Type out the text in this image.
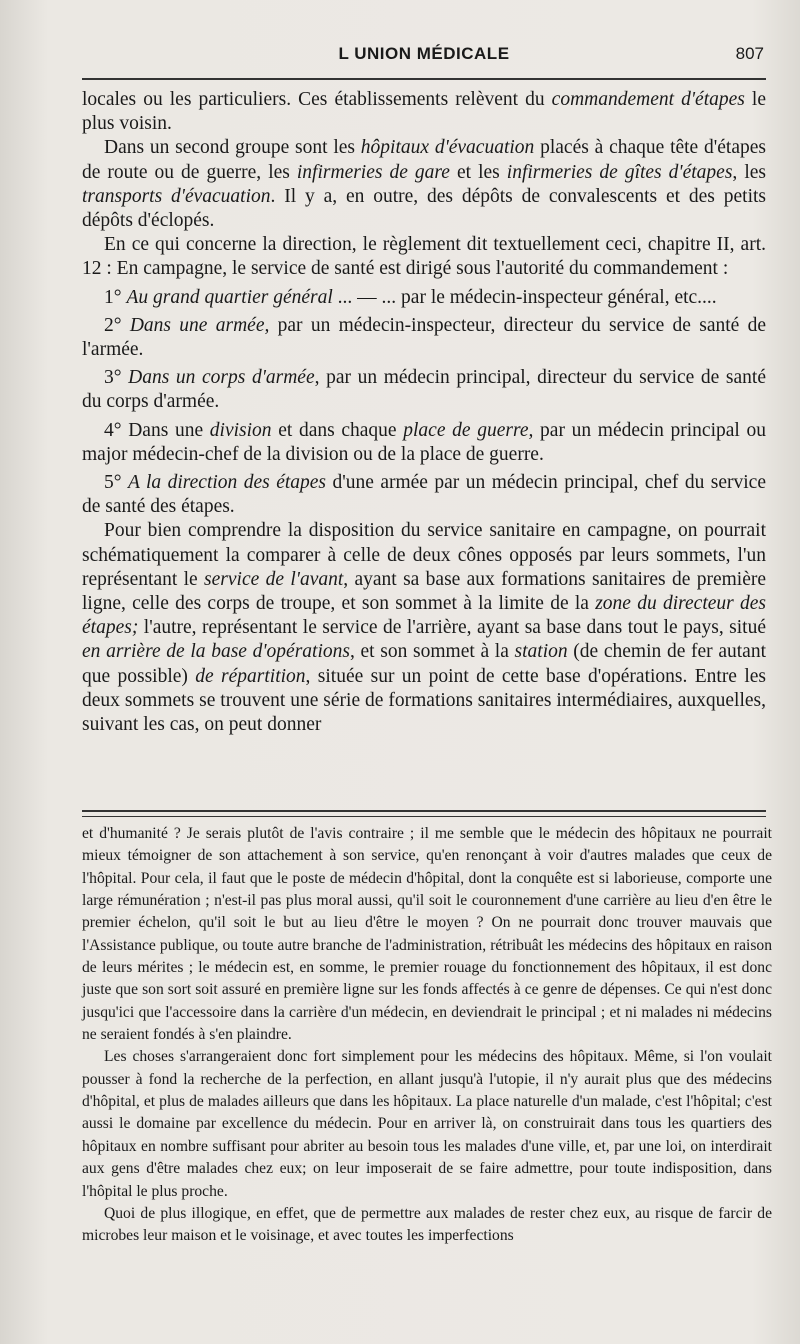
L UNION MÉDICALE	807

locales ou les particuliers. Ces établissements relèvent du commandement d'étapes le plus voisin.

Dans un second groupe sont les hôpitaux d'évacuation placés à chaque tête d'étapes de route ou de guerre, les infirmeries de gare et les infirmeries de gîtes d'étapes, les transports d'évacuation. Il y a, en outre, des dépôts de convalescents et des petits dépôts d'éclopés.

En ce qui concerne la direction, le règlement dit textuellement ceci, chapitre II, art. 12 : En campagne, le service de santé est dirigé sous l'autorité du commandement :

1° Au grand quartier général ... — ... par le médecin-inspecteur général, etc....

2° Dans une armée, par un médecin-inspecteur, directeur du service de santé de l'armée.

3° Dans un corps d'armée, par un médecin principal, directeur du service de santé du corps d'armée.

4° Dans une division et dans chaque place de guerre, par un médecin principal ou major médecin-chef de la division ou de la place de guerre.

5° A la direction des étapes d'une armée par un médecin principal, chef du service de santé des étapes.

Pour bien comprendre la disposition du service sanitaire en campagne, on pourrait schématiquement la comparer à celle de deux cônes opposés par leurs sommets, l'un représentant le service de l'avant, ayant sa base aux formations sanitaires de première ligne, celle des corps de troupe, et son sommet à la limite de la zone du directeur des étapes; l'autre, représentant le service de l'arrière, ayant sa base dans tout le pays, situé en arrière de la base d'opérations, et son sommet à la station (de chemin de fer autant que possible) de répartition, située sur un point de cette base d'opérations. Entre les deux sommets se trouvent une série de formations sanitaires intermédiaires, auxquelles, suivant les cas, on peut donner

et d'humanité ? Je serais plutôt de l'avis contraire ; il me semble que le médecin des hôpitaux ne pourrait mieux témoigner de son attachement à son service, qu'en renonçant à voir d'autres malades que ceux de l'hôpital. Pour cela, il faut que le poste de médecin d'hôpital, dont la conquête est si laborieuse, comporte une large rémunération ; n'est-il pas plus moral aussi, qu'il soit le couronnement d'une carrière au lieu d'en être le premier échelon, qu'il soit le but au lieu d'être le moyen ? On ne pourrait donc trouver mauvais que l'Assistance publique, ou toute autre branche de l'administration, rétribuât les médecins des hôpitaux en raison de leurs mérites ; le médecin est, en somme, le premier rouage du fonctionnement des hôpitaux, il est donc juste que son sort soit assuré en première ligne sur les fonds affectés à ce genre de dépenses. Ce qui n'est donc jusqu'ici que l'accessoire dans la carrière d'un médecin, en deviendrait le principal ; et ni malades ni médecins ne seraient fondés à s'en plaindre.

Les choses s'arrangeraient donc fort simplement pour les médecins des hôpitaux. Même, si l'on voulait pousser à fond la recherche de la perfection, en allant jusqu'à l'utopie, il n'y aurait plus que des médecins d'hôpital, et plus de malades ailleurs que dans les hôpitaux. La place naturelle d'un malade, c'est l'hôpital; c'est aussi le domaine par excellence du médecin. Pour en arriver là, on construirait dans tous les quartiers des hôpitaux en nombre suffisant pour abriter au besoin tous les malades d'une ville, et, par une loi, on interdirait aux gens d'être malades chez eux; on leur imposerait de se faire admettre, pour toute indisposition, dans l'hôpital le plus proche.

Quoi de plus illogique, en effet, que de permettre aux malades de rester chez eux, au risque de farcir de microbes leur maison et le voisinage, et avec toutes les imperfections
